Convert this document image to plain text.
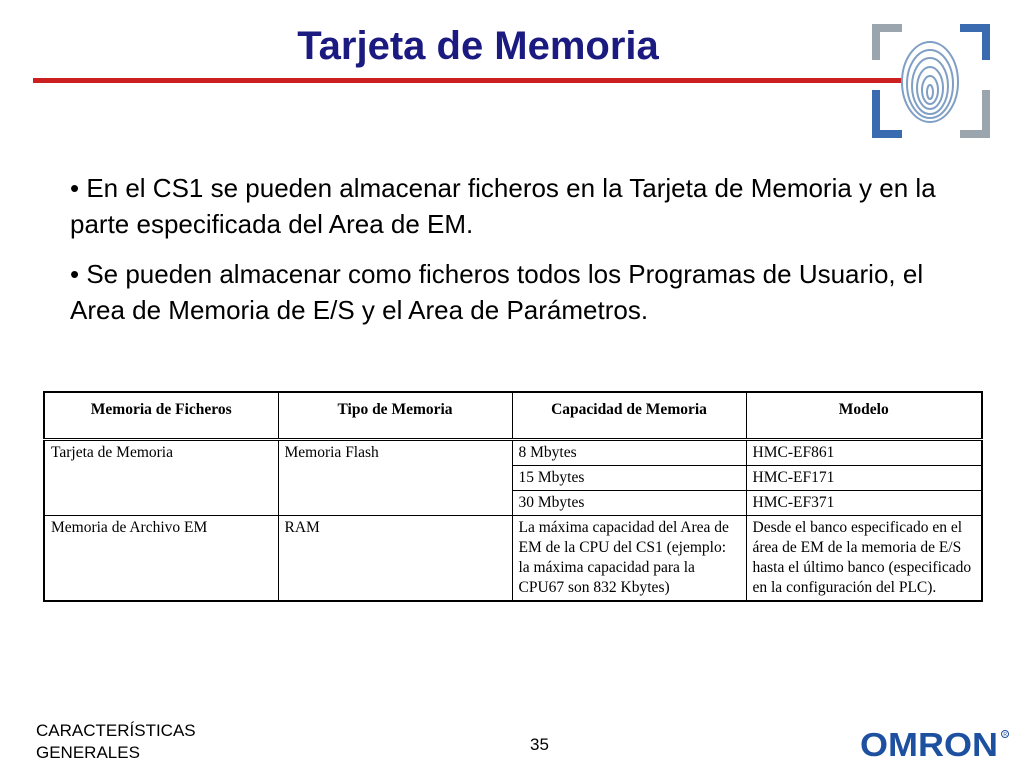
Tarjeta de Memoria

• En el CS1 se pueden almacenar ficheros en la Tarjeta de Memoria y en la parte especificada del Area de EM.

• Se pueden almacenar como ficheros todos los Programas de Usuario, el Area de Memoria de E/S y el Area de Parámetros.

Memoria de Ficheros	Tipo de Memoria	Capacidad de Memoria	Modelo
Tarjeta de Memoria	Memoria Flash	8 Mbytes	HMC-EF861
		15 Mbytes	HMC-EF171
		30 Mbytes	HMC-EF371
Memoria de Archivo EM	RAM	La máxima capacidad del Area de EM de la CPU del CS1 (ejemplo: la máxima capacidad para la CPU67 son 832 Kbytes)	Desde el banco especificado en el área de EM de la memoria de E/S hasta el último banco (especificado en la configuración del PLC).
CARACTERÍSTICAS
GENERALES	35	OMRON R
